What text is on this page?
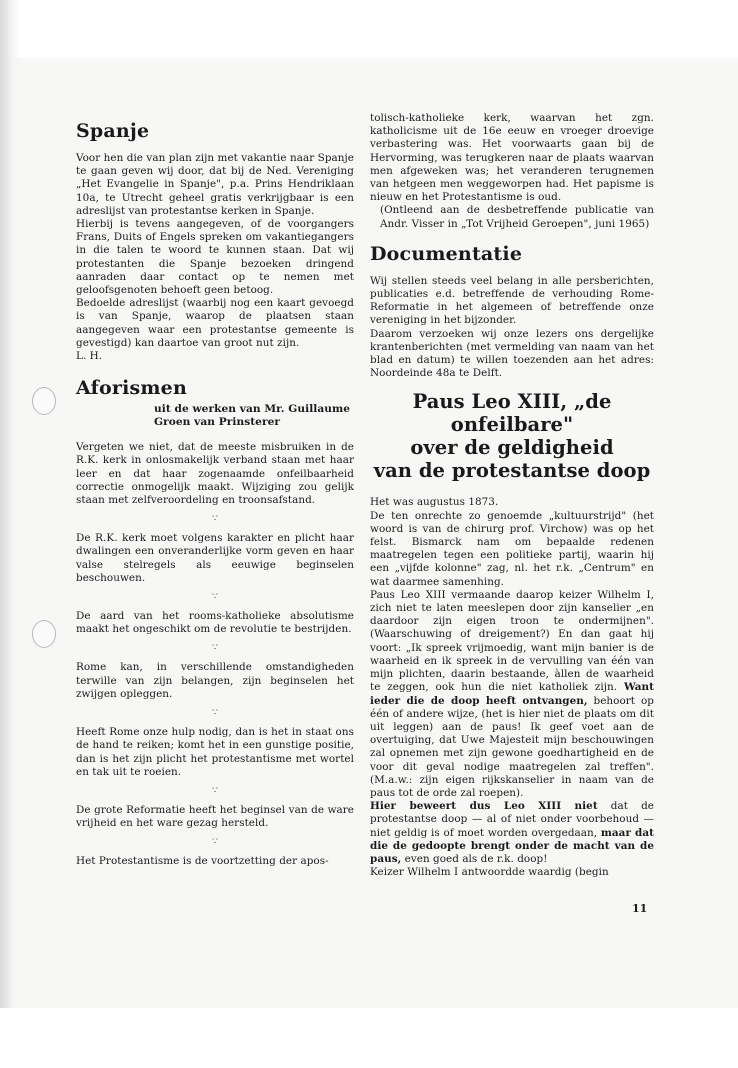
Spanje

Voor hen die van plan zijn met vakantie naar Spanje te gaan geven wij door, dat bij de Ned. Vereniging „Het Evangelie in Spanje", p.a. Prins Hendriklaan 10a, te Utrecht geheel gratis verkrijgbaar is een adreslijst van protestantse kerken in Spanje.

Hierbij is tevens aangegeven, of de voorgangers Frans, Duits of Engels spreken om vakantiegangers in die talen te woord te kunnen staan. Dat wij protestanten die Spanje bezoeken dringend aanraden daar contact op te nemen met geloofsgenoten behoeft geen betoog.

Bedoelde adreslijst (waarbij nog een kaart gevoegd is van Spanje, waarop de plaatsen staan aangegeven waar een protestantse gemeente is gevestigd) kan daartoe van groot nut zijn.

L. H.

Aforismen
uit de werken van Mr. Guillaume Groen van Prinsterer

Vergeten we niet, dat de meeste misbruiken in de R.K. kerk in onlosmakelijk verband staan met haar leer en dat haar zogenaamde onfeilbaarheid correctie onmogelijk maakt. Wijziging zou gelijk staan met zelfveroordeling en troonsafstand.

∵

De R.K. kerk moet volgens karakter en plicht haar dwalingen een onveranderlijke vorm geven en haar valse stelregels als eeuwige beginselen beschouwen.

∵

De aard van het rooms-katholieke absolutisme maakt het ongeschikt om de revolutie te bestrijden.

∵

Rome kan, in verschillende omstandigheden terwille van zijn belangen, zijn beginselen het zwijgen opleggen.

∵

Heeft Rome onze hulp nodig, dan is het in staat ons de hand te reiken; komt het in een gunstige positie, dan is het zijn plicht het protestantisme met wortel en tak uit te roeien.

∵

De grote Reformatie heeft het beginsel van de ware vrijheid en het ware gezag hersteld.

∵

Het Protestantisme is de voortzetting der apos-

tolisch-katholieke kerk, waarvan het zgn. katholicisme uit de 16e eeuw en vroeger droevige verbastering was. Het voorwaarts gaan bij de Hervorming, was terugkeren naar de plaats waarvan men afgeweken was; het veranderen terugnemen van hetgeen men weggeworpen had. Het papisme is nieuw en het Protestantisme is oud.

(Ontleend aan de desbetreffende publicatie van Andr. Visser in „Tot Vrijheid Geroepen", juni 1965)

Documentatie

Wij stellen steeds veel belang in alle persberichten, publicaties e.d. betreffende de verhouding Rome-Reformatie in het algemeen of betreffende onze vereniging in het bijzonder.

Daarom verzoeken wij onze lezers ons dergelijke krantenberichten (met vermelding van naam van het blad en datum) te willen toezenden aan het adres: Noordeinde 48a te Delft.

Paus Leo XIII, „de onfeilbare"
over de geldigheid
van de protestantse doop

Het was augustus 1873.

De ten onrechte zo genoemde „kultuurstrijd" (het woord is van de chirurg prof. Virchow) was op het felst. Bismarck nam om bepaalde redenen maatregelen tegen een politieke partij, waarin hij een „vijfde kolonne" zag, nl. het r.k. „Centrum" en wat daarmee samenhing.

Paus Leo XIII vermaande daarop keizer Wilhelm I, zich niet te laten meeslepen door zijn kanselier „en daardoor zijn eigen troon te ondermijnen". (Waarschuwing of dreigement?) En dan gaat hij voort: „Ik spreek vrijmoedig, want mijn banier is de waarheid en ik spreek in de vervulling van één van mijn plichten, daarin bestaande, àllen de waarheid te zeggen, ook hun die niet katholiek zijn. Want ieder die de doop heeft ontvangen, behoort op één of andere wijze, (het is hier niet de plaats om dit uit leggen) aan de paus! Ik geef voet aan de overtuiging, dat Uwe Majesteit mijn beschouwingen zal opnemen met zijn gewone goedhartigheid en de voor dit geval nodige maatregelen zal treffen". (M.a.w.: zijn eigen rijkskanselier in naam van de paus tot de orde zal roepen).

Hier beweert dus Leo XIII niet dat de protestantse doop — al of niet onder voorbehoud — niet geldig is of moet worden overgedaan, maar dat die de gedoopte brengt onder de macht van de paus, even goed als de r.k. doop!

Keizer Wilhelm I antwoordde waardig (begin

11
